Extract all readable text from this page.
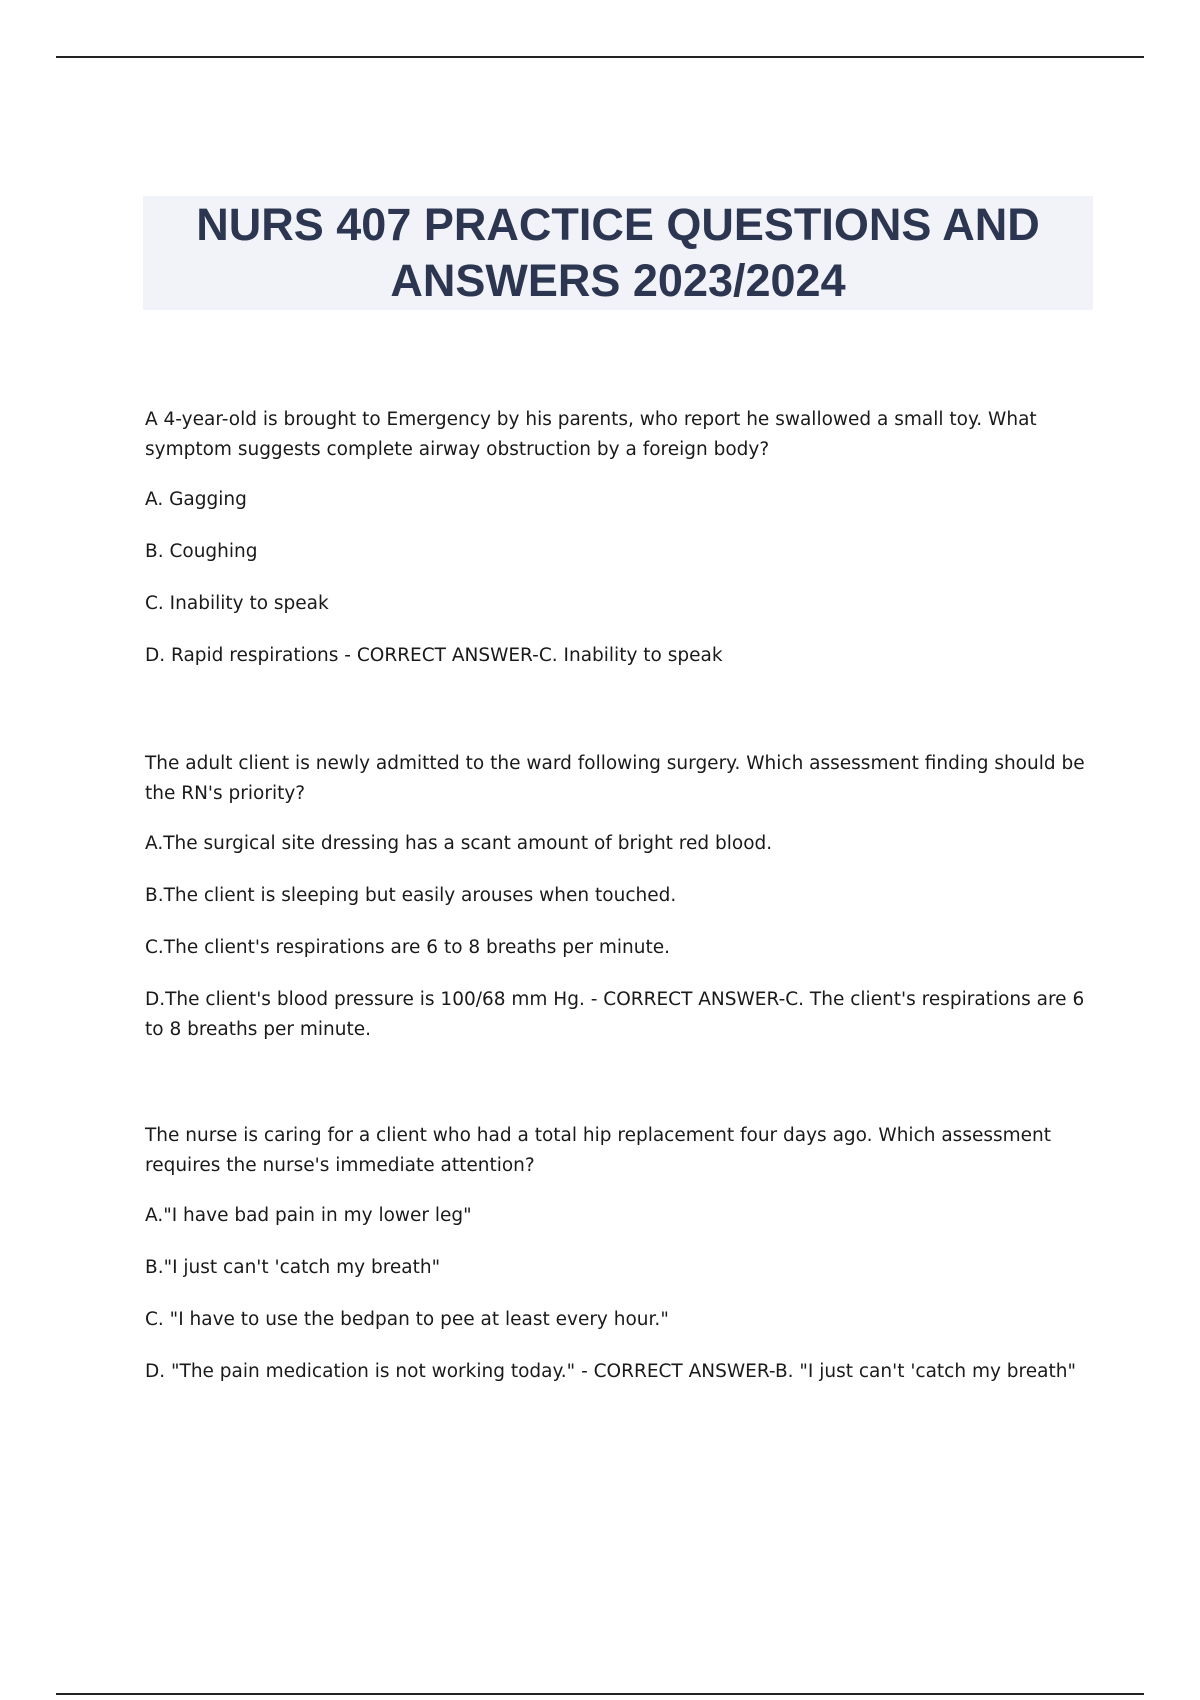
NURS 407 PRACTICE QUESTIONS AND
ANSWERS 2023/2024

A 4-year-old is brought to Emergency by his parents, who report he swallowed a small toy. What symptom suggests complete airway obstruction by a foreign body?

A. Gagging

B. Coughing

C. Inability to speak

D. Rapid respirations - CORRECT ANSWER-C. Inability to speak

The adult client is newly admitted to the ward following surgery. Which assessment finding should be the RN's priority?

A.The surgical site dressing has a scant amount of bright red blood.

B.The client is sleeping but easily arouses when touched.

C.The client's respirations are 6 to 8 breaths per minute.

D.The client's blood pressure is 100/68 mm Hg. - CORRECT ANSWER-C. The client's respirations are 6 to 8 breaths per minute.

The nurse is caring for a client who had a total hip replacement four days ago. Which assessment requires the nurse's immediate attention?

A."I have bad pain in my lower leg"

B."I just can't 'catch my breath"

C. "I have to use the bedpan to pee at least every hour."

D. "The pain medication is not working today." - CORRECT ANSWER-B. "I just can't 'catch my breath"
